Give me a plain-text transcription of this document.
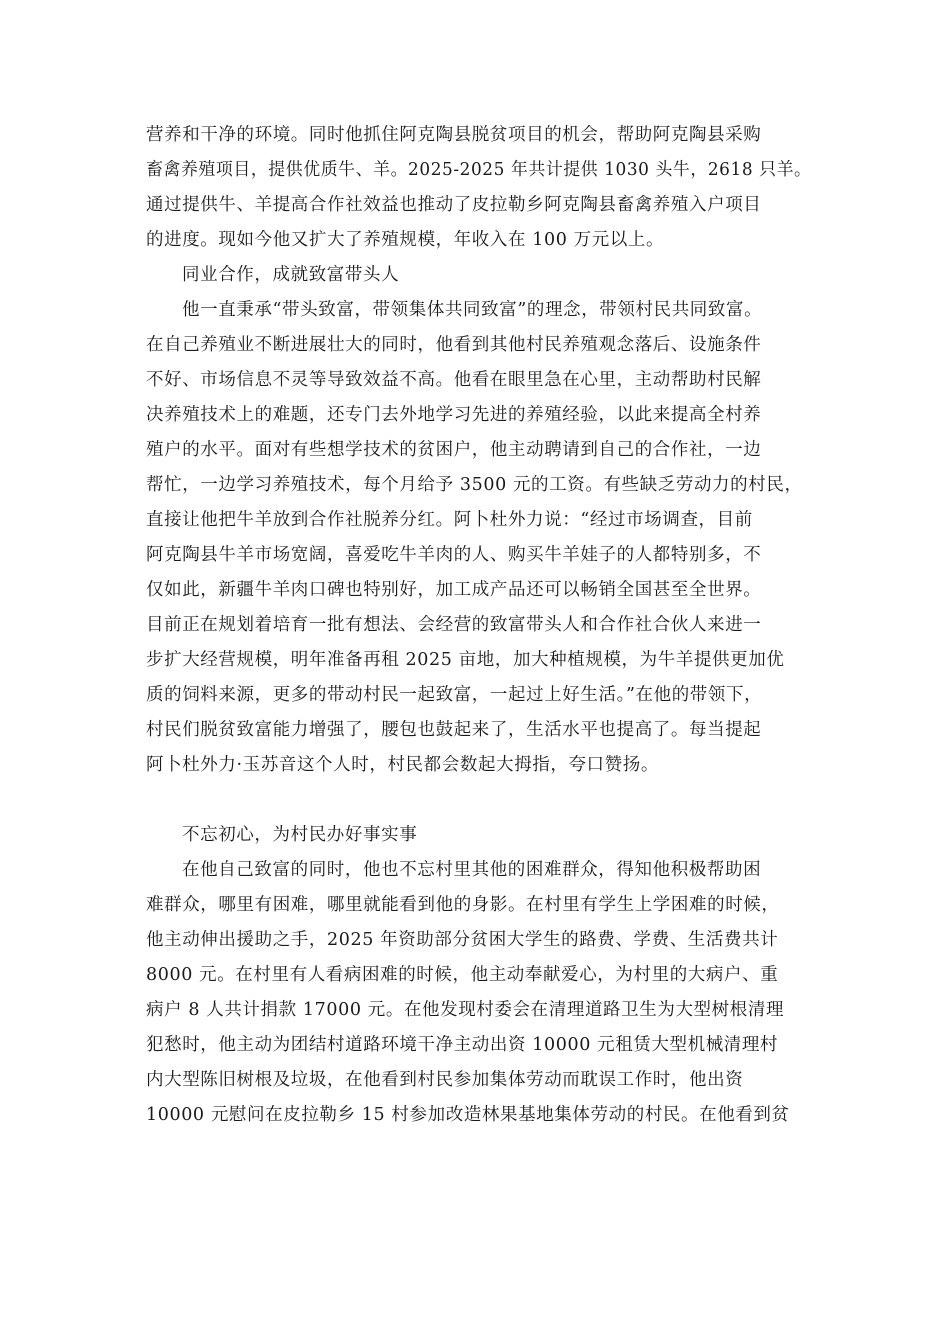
营养和干净的环境。同时他抓住阿克陶县脱贫项目的机会，帮助阿克陶县采购
畜禽养殖项目，提供优质牛、羊。2025-2025 年共计提供 1030 头牛，2618 只羊。
通过提供牛、羊提高合作社效益也推动了皮拉勒乡阿克陶县畜禽养殖入户项目
的进度。现如今他又扩大了养殖规模，年收入在 100 万元以上。
同业合作，成就致富带头人
他一直秉承“带头致富，带领集体共同致富”的理念，带领村民共同致富。
在自己养殖业不断进展壮大的同时，他看到其他村民养殖观念落后、设施条件
不好、市场信息不灵等导致效益不高。他看在眼里急在心里，主动帮助村民解
决养殖技术上的难题，还专门去外地学习先进的养殖经验，以此来提高全村养
殖户的水平。面对有些想学技术的贫困户，他主动聘请到自己的合作社，一边
帮忙，一边学习养殖技术，每个月给予 3500 元的工资。有些缺乏劳动力的村民，
直接让他把牛羊放到合作社脱养分红。阿卜杜外力说：“经过市场调查，目前
阿克陶县牛羊市场宽阔，喜爱吃牛羊肉的人、购买牛羊娃子的人都特别多，不
仅如此，新疆牛羊肉口碑也特别好，加工成产品还可以畅销全国甚至全世界。
目前正在规划着培育一批有想法、会经营的致富带头人和合作社合伙人来进一
步扩大经营规模，明年准备再租 2025 亩地，加大种植规模，为牛羊提供更加优
质的饲料来源，更多的带动村民一起致富，一起过上好生活。”在他的带领下，
村民们脱贫致富能力增强了，腰包也鼓起来了，生活水平也提高了。每当提起
阿卜杜外力·玉苏音这个人时，村民都会数起大拇指，夸口赞扬。
不忘初心，为村民办好事实事
在他自己致富的同时，他也不忘村里其他的困难群众，得知他积极帮助困
难群众，哪里有困难，哪里就能看到他的身影。在村里有学生上学困难的时候，
他主动伸出援助之手，2025 年资助部分贫困大学生的路费、学费、生活费共计
8000 元。在村里有人看病困难的时候，他主动奉献爱心，为村里的大病户、重
病户 8 人共计捐款 17000 元。在他发现村委会在清理道路卫生为大型树根清理
犯愁时，他主动为团结村道路环境干净主动出资 10000 元租赁大型机械清理村
内大型陈旧树根及垃圾，在他看到村民参加集体劳动而耽误工作时，他出资
10000 元慰问在皮拉勒乡 15 村参加改造林果基地集体劳动的村民。在他看到贫
